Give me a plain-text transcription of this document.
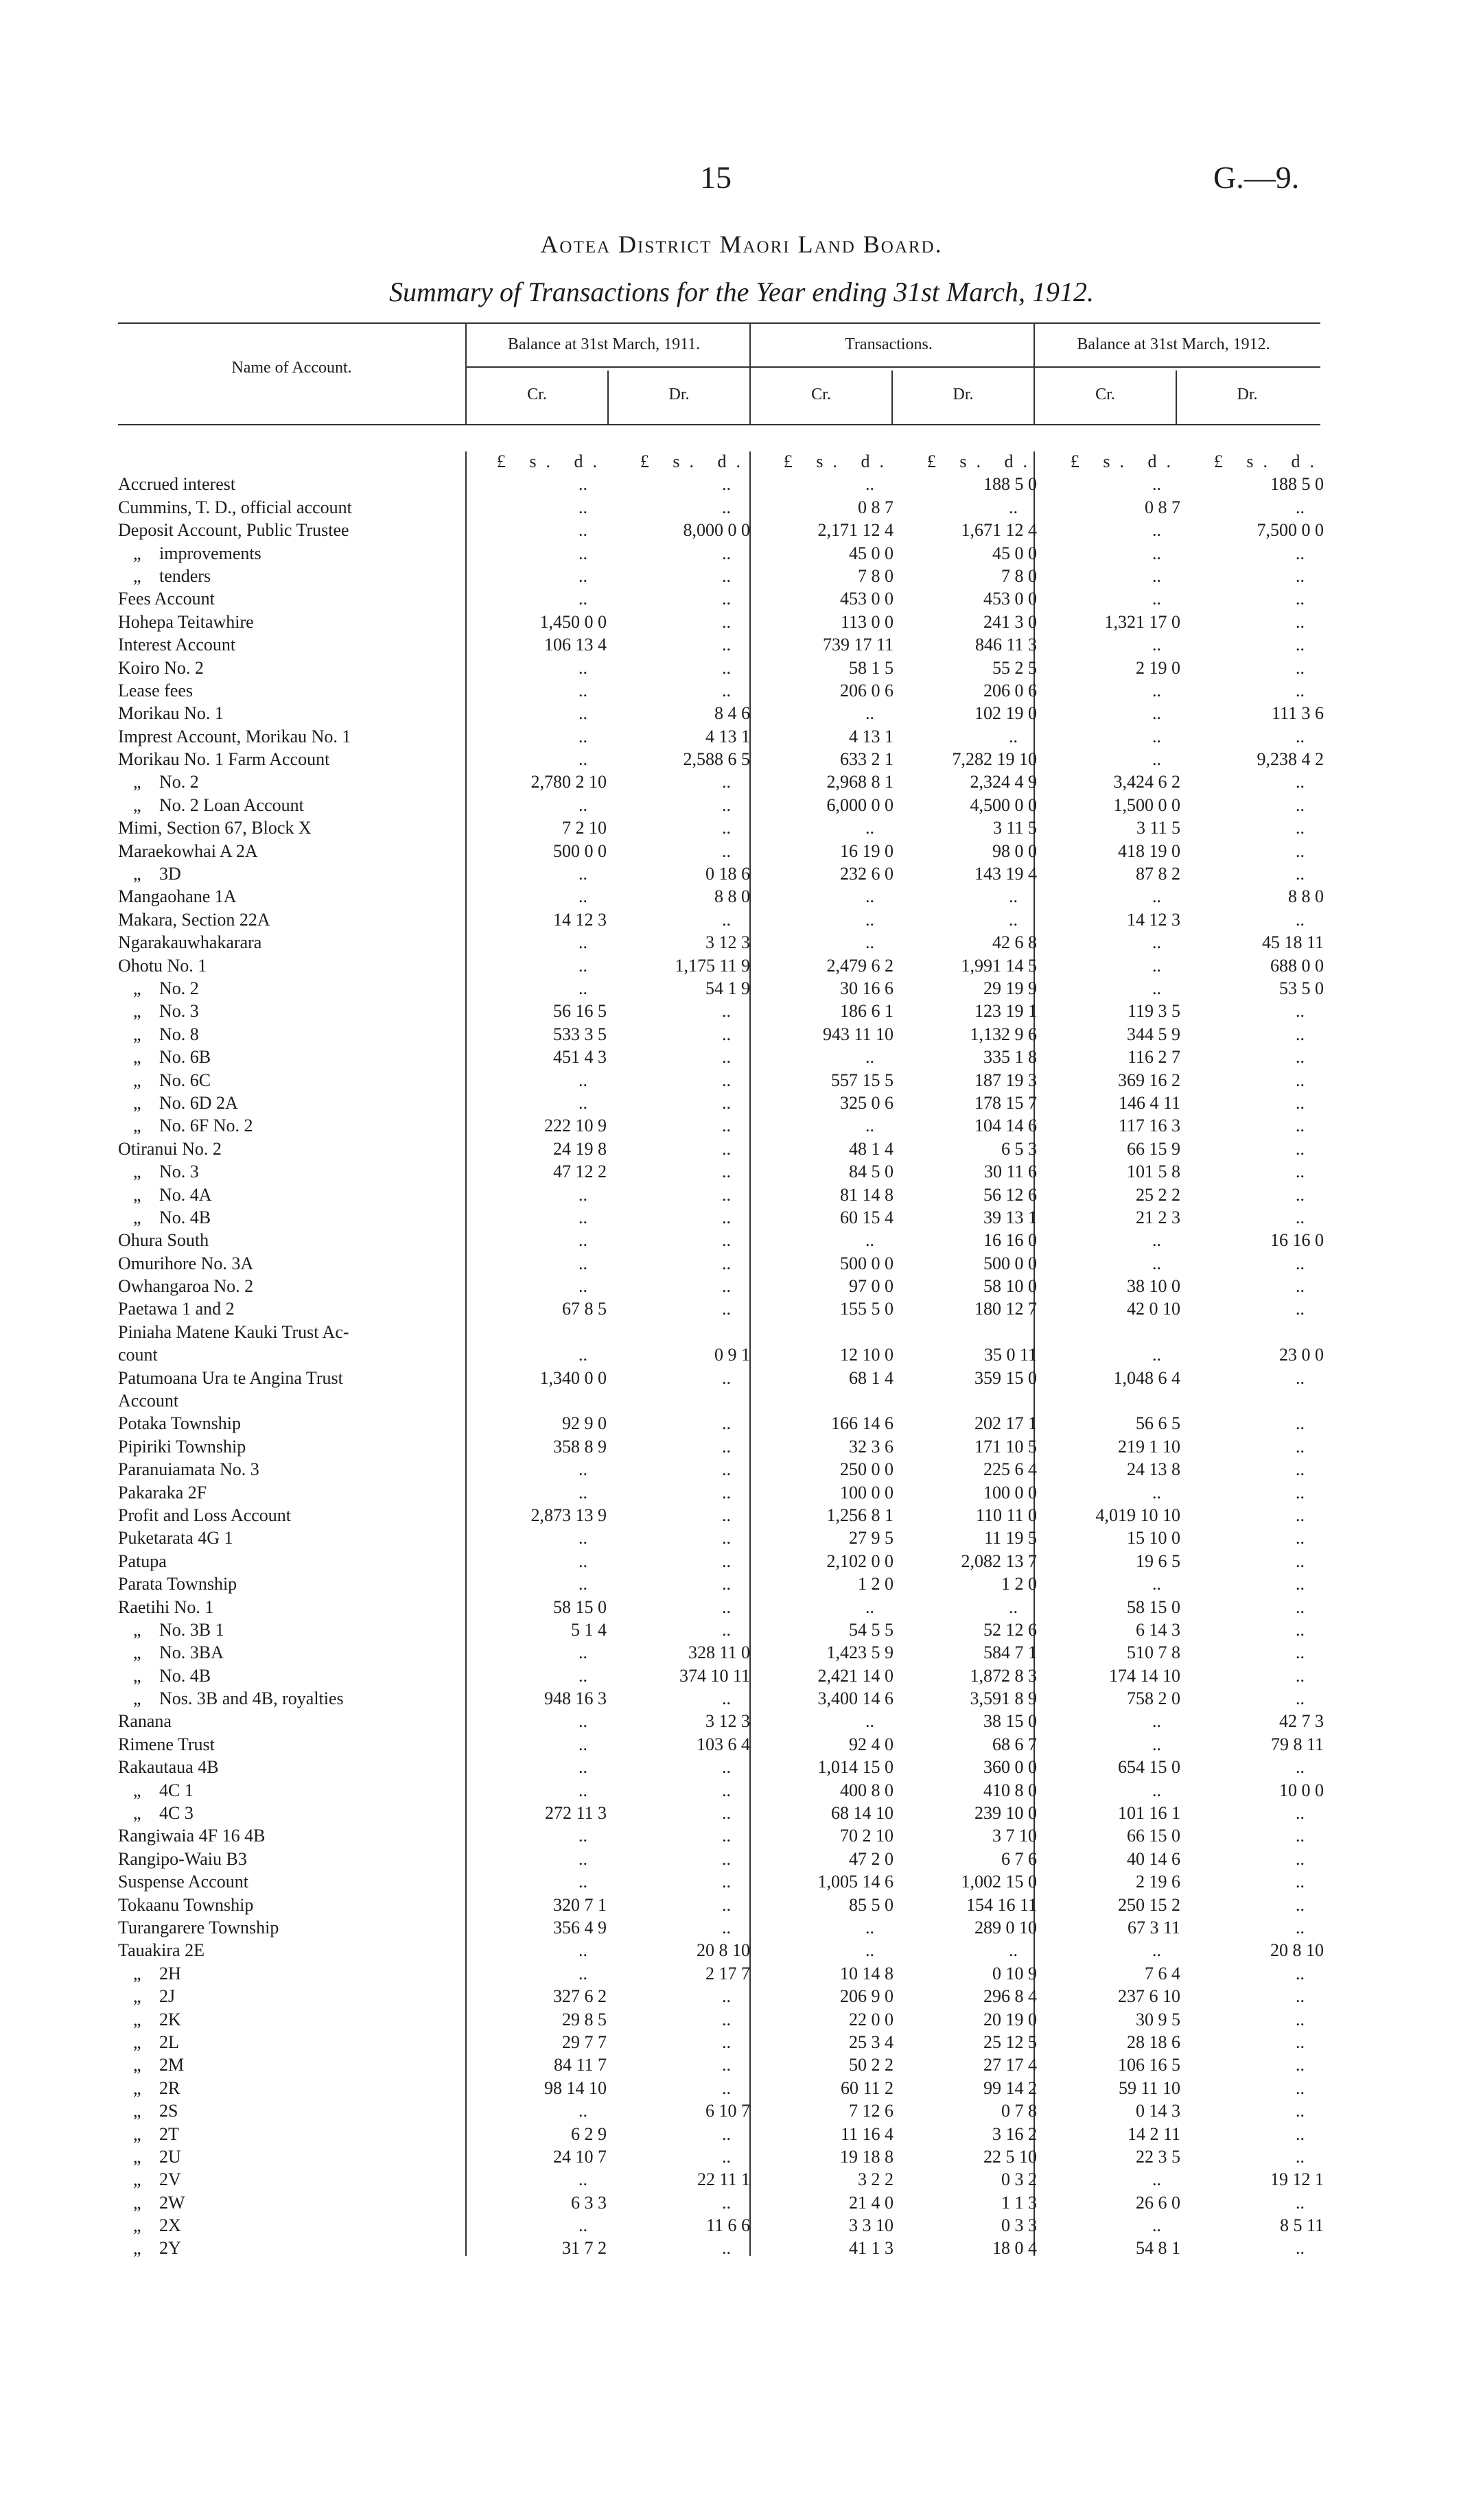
15	G.—9.
Aotea District Maori Land Board.
Summary of Transactions for the Year ending 31st March, 1912.
Name of Account.
Balance at 31st March, 1911.	Transactions.	Balance at 31st March, 1912.
Cr.	Dr.	Cr.	Dr.	Cr.	Dr.
	£ s. d.	£ s. d.	£ s. d.	£ s. d.	£ s. d.	£ s. d.
Accrued interest	..	..	..	188 5 0	..	188 5 0
Cummins, T. D., official account	..	..	0 8 7	..	0 8 7	..
Deposit Account, Public Trustee	..	8,000 0 0	2,171 12 4	1,671 12 4	..	7,500 0 0
„ improvements	..	..	45 0 0	45 0 0	..	..
„ tenders	..	..	7 8 0	7 8 0	..	..
Fees Account	..	..	453 0 0	453 0 0	..	..
Hohepa Teitawhire	1,450 0 0	..	113 0 0	241 3 0	1,321 17 0	..
Interest Account	106 13 4	..	739 17 11	846 11 3	..	..
Koiro No. 2	..	..	58 1 5	55 2 5	2 19 0	..
Lease fees	..	..	206 0 6	206 0 6	..	..
Morikau No. 1	..	8 4 6	..	102 19 0	..	111 3 6
Imprest Account, Morikau No. 1	..	4 13 1	4 13 1	..	..	..
Morikau No. 1 Farm Account	..	2,588 6 5	633 2 1	7,282 19 10	..	9,238 4 2
„ No. 2	2,780 2 10	..	2,968 8 1	2,324 4 9	3,424 6 2	..
„ No. 2 Loan Account	..	..	6,000 0 0	4,500 0 0	1,500 0 0	..
Mimi, Section 67, Block X	7 2 10	..	..	3 11 5	3 11 5	..
Maraekowhai A 2A	500 0 0	..	16 19 0	98 0 0	418 19 0	..
„ 3D	..	0 18 6	232 6 0	143 19 4	87 8 2	..
Mangaohane 1A	..	8 8 0	..	..	..	8 8 0
Makara, Section 22A	14 12 3	..	..	..	14 12 3	..
Ngarakauwhakarara	..	3 12 3	..	42 6 8	..	45 18 11
Ohotu No. 1	..	1,175 11 9	2,479 6 2	1,991 14 5	..	688 0 0
„ No. 2	..	54 1 9	30 16 6	29 19 9	..	53 5 0
„ No. 3	56 16 5	..	186 6 1	123 19 1	119 3 5	..
„ No. 8	533 3 5	..	943 11 10	1,132 9 6	344 5 9	..
„ No. 6B	451 4 3	..	..	335 1 8	116 2 7	..
„ No. 6C	..	..	557 15 5	187 19 3	369 16 2	..
„ No. 6D 2A	..	..	325 0 6	178 15 7	146 4 11	..
„ No. 6F No. 2	222 10 9	..	..	104 14 6	117 16 3	..
Otiranui No. 2	24 19 8	..	48 1 4	6 5 3	66 15 9	..
„ No. 3	47 12 2	..	84 5 0	30 11 6	101 5 8	..
„ No. 4A	..	..	81 14 8	56 12 6	25 2 2	..
„ No. 4B	..	..	60 15 4	39 13 1	21 2 3	..
Ohura South	..	..	..	16 16 0	..	16 16 0
Omurihore No. 3A	..	..	500 0 0	500 0 0	..	..
Owhangaroa No. 2	..	..	97 0 0	58 10 0	38 10 0	..
Paetawa 1 and 2	67 8 5	..	155 5 0	180 12 7	42 0 10	..
Piniaha Matene Kauki Trust Ac-						
count	..	0 9 1	12 10 0	35 0 11	..	23 0 0
Patumoana Ura te Angina Trust	1,340 0 0	..	68 1 4	359 15 0	1,048 6 4	..
Account						
Potaka Township	92 9 0	..	166 14 6	202 17 1	56 6 5	..
Pipiriki Township	358 8 9	..	32 3 6	171 10 5	219 1 10	..
Paranuiamata No. 3	..	..	250 0 0	225 6 4	24 13 8	..
Pakaraka 2F	..	..	100 0 0	100 0 0	..	..
Profit and Loss Account	2,873 13 9	..	1,256 8 1	110 11 0	4,019 10 10	..
Puketarata 4G 1	..	..	27 9 5	11 19 5	15 10 0	..
Patupa	..	..	2,102 0 0	2,082 13 7	19 6 5	..
Parata Township	..	..	1 2 0	1 2 0	..	..
Raetihi No. 1	58 15 0	..	..	..	58 15 0	..
„ No. 3B 1	5 1 4	..	54 5 5	52 12 6	6 14 3	..
„ No. 3BA	..	328 11 0	1,423 5 9	584 7 1	510 7 8	..
„ No. 4B	..	374 10 11	2,421 14 0	1,872 8 3	174 14 10	..
„ Nos. 3B and 4B, royalties	948 16 3	..	3,400 14 6	3,591 8 9	758 2 0	..
Ranana	..	3 12 3	..	38 15 0	..	42 7 3
Rimene Trust	..	103 6 4	92 4 0	68 6 7	..	79 8 11
Rakautaua 4B	..	..	1,014 15 0	360 0 0	654 15 0	..
„ 4C 1	..	..	400 8 0	410 8 0	..	10 0 0
„ 4C 3	272 11 3	..	68 14 10	239 10 0	101 16 1	..
Rangiwaia 4F 16 4B	..	..	70 2 10	3 7 10	66 15 0	..
Rangipo-Waiu B3	..	..	47 2 0	6 7 6	40 14 6	..
Suspense Account	..	..	1,005 14 6	1,002 15 0	2 19 6	..
Tokaanu Township	320 7 1	..	85 5 0	154 16 11	250 15 2	..
Turangarere Township	356 4 9	..	..	289 0 10	67 3 11	..
Tauakira 2E	..	20 8 10	..	..	..	20 8 10
„ 2H	..	2 17 7	10 14 8	0 10 9	7 6 4	..
„ 2J	327 6 2	..	206 9 0	296 8 4	237 6 10	..
„ 2K	29 8 5	..	22 0 0	20 19 0	30 9 5	..
„ 2L	29 7 7	..	25 3 4	25 12 5	28 18 6	..
„ 2M	84 11 7	..	50 2 2	27 17 4	106 16 5	..
„ 2R	98 14 10	..	60 11 2	99 14 2	59 11 10	..
„ 2S	..	6 10 7	7 12 6	0 7 8	0 14 3	..
„ 2T	6 2 9	..	11 16 4	3 16 2	14 2 11	..
„ 2U	24 10 7	..	19 18 8	22 5 10	22 3 5	..
„ 2V	..	22 11 1	3 2 2	0 3 2	..	19 12 1
„ 2W	6 3 3	..	21 4 0	1 1 3	26 6 0	..
„ 2X	..	11 6 6	3 3 10	0 3 3	..	8 5 11
„ 2Y	31 7 2	..	41 1 3	18 0 4	54 8 1	..
